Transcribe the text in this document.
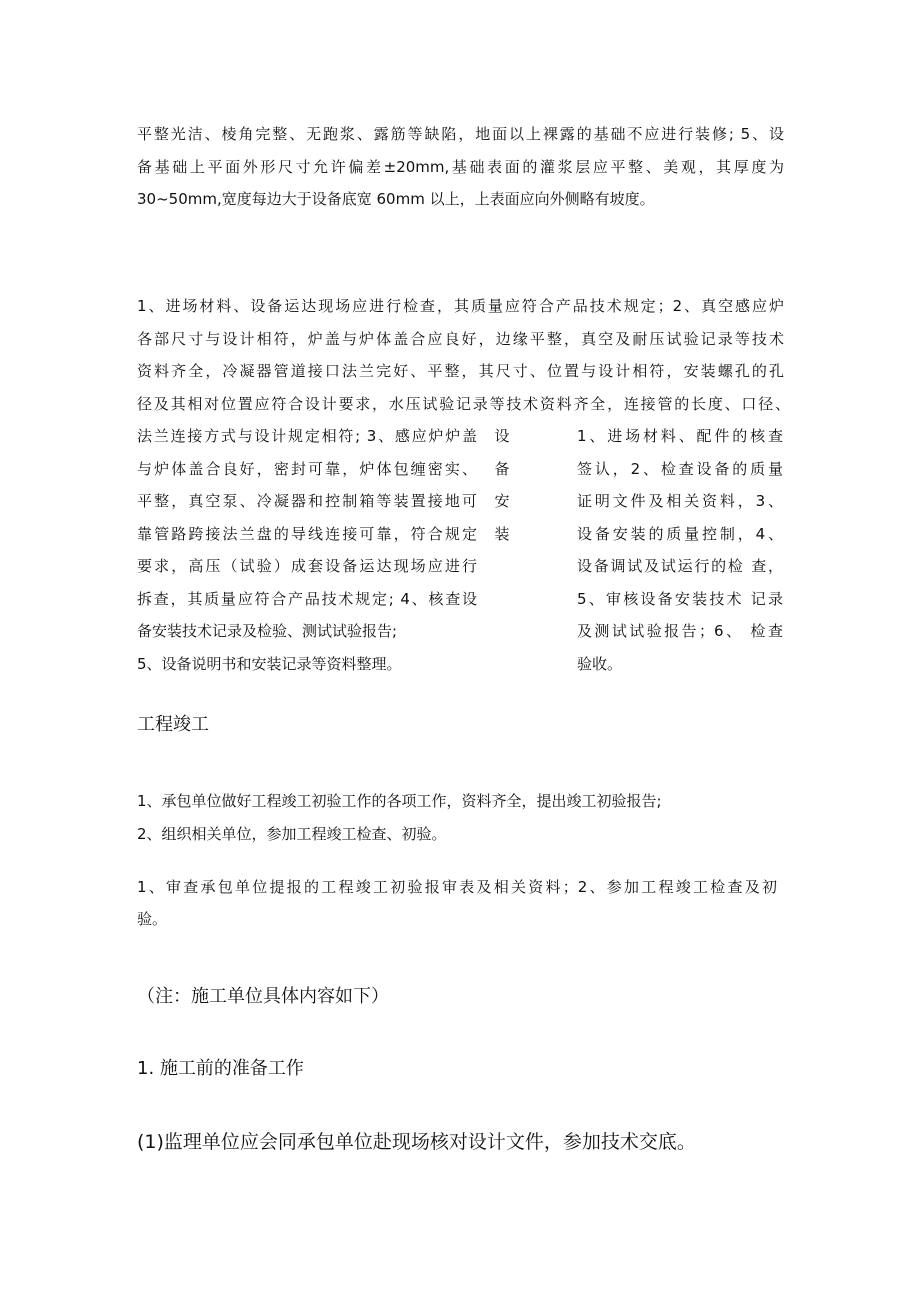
平整光洁、棱角完整、无跑浆、露筋等缺陷，地面以上裸露的基础不应进行装修; 5、设
备基础上平面外形尺寸允许偏差±20mm,基础表面的灌浆层应平整、美观，其厚度为
30~50mm,宽度每边大于设备底宽 60mm 以上，上表面应向外侧略有坡度。
1、进场材料、设备运达现场应进行检查，其质量应符合产品技术规定；2、真空感应炉
各部尺寸与设计相符，炉盖与炉体盖合应良好，边缘平整，真空及耐压试验记录等技术
资料齐全，冷凝器管道接口法兰完好、平整，其尺寸、位置与设计相符，安装螺孔的孔
径及其相对位置应符合设计要求，水压试验记录等技术资料齐全，连接管的长度、口径、
法兰连接方式与设计规定相符; 3、感应炉炉盖
与炉体盖合良好，密封可靠，炉体包缠密实、
平整，真空泵、冷凝器和控制箱等装置接地可
靠管路跨接法兰盘的导线连接可靠，符合规定
要求，高压（试验）成套设备运达现场应进行
拆查，其质量应符合产品技术规定; 4、核查设
备安装技术记录及检验、测试试验报告;
5、设备说明书和安装记录等资料整理。
设
备
安
装
1、进场材料、配件的核查
签认，2、检查设备的质量
证明文件及相关资料，3、
设备安装的质量控制，4、
设备调试及试运行的检 查，
5、审核设备安装技术 记录
及测试试验报告；6、 检查
验收。
工程竣工
1、承包单位做好工程竣工初验工作的各项工作，资料齐全，提出竣工初验报告;
2、组织相关单位，参加工程竣工检查、初验。
1、审查承包单位提报的工程竣工初验报审表及相关资料；2、参加工程竣工检查及初
验。
（注：施工单位具体内容如下）
1. 施工前的准备工作
(1)监理单位应会同承包单位赴现场核对设计文件，参加技术交底。
